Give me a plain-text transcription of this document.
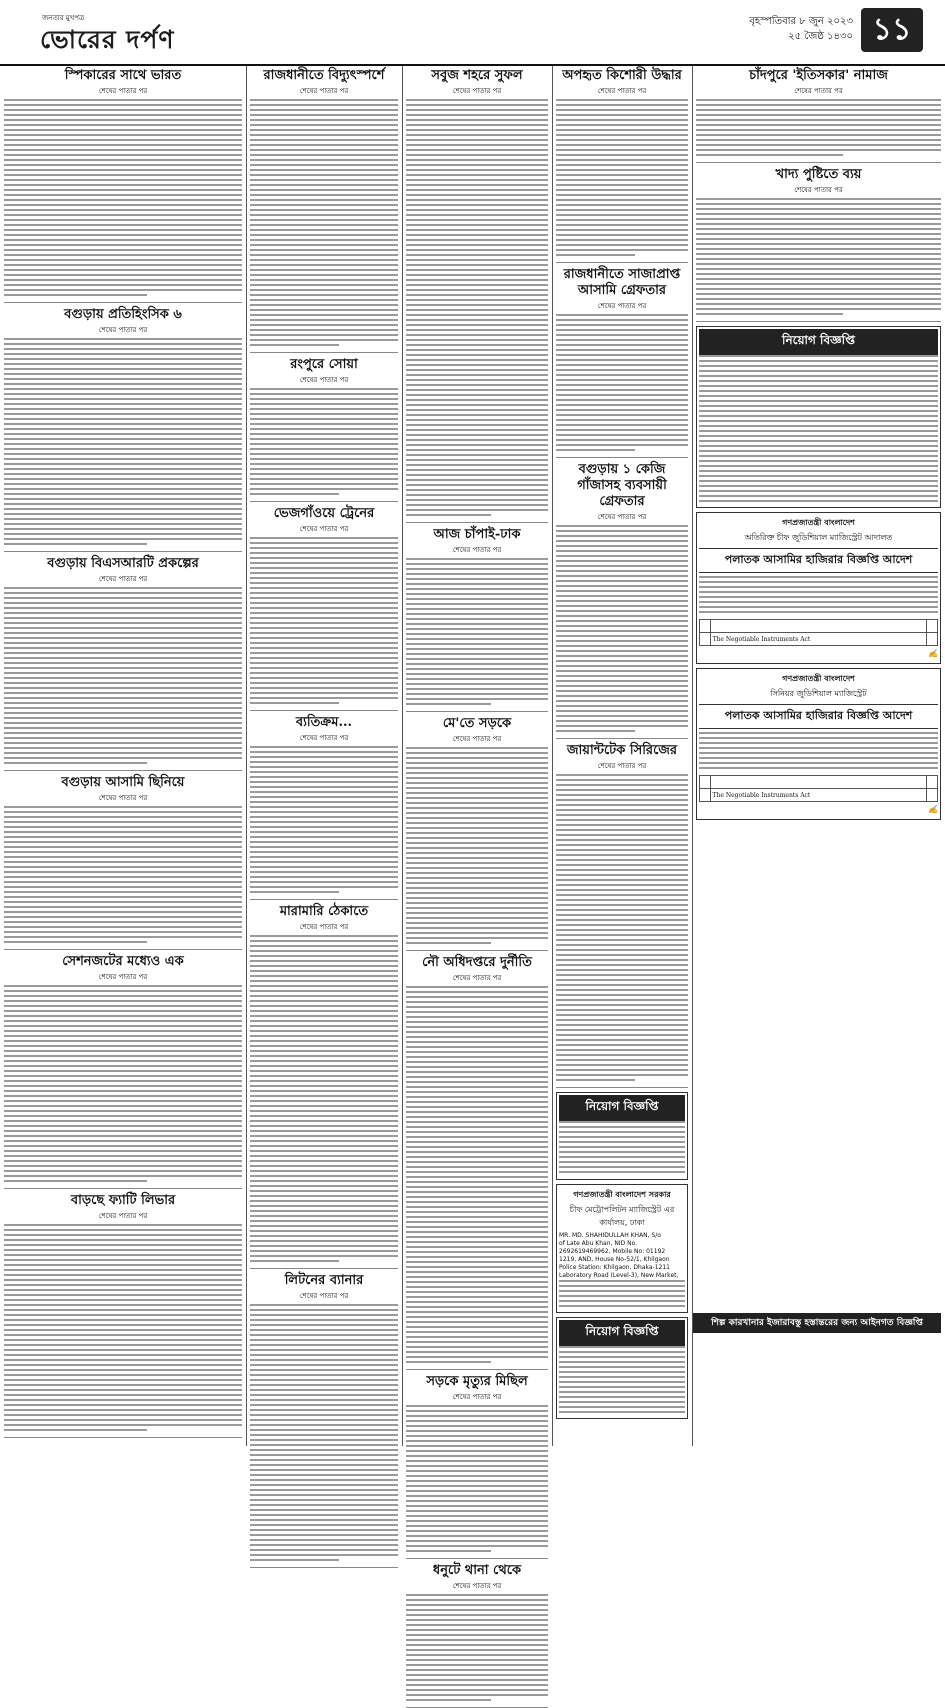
জনতার মুখপত্র
ভোরের দর্পণ
বৃহস্পতিবার ৮ জুন ২০২৩
২৫ জৈষ্ঠ ১৪৩০ ১১
স্পিকারের সাথে ভারত
শেষের পাতার পর
বগুড়ায় প্রতিহিংসিক ৬
শেষের পাতার পর
বগুড়ায় বিএসআরটি প্রকল্পের
শেষের পাতার পর
বগুড়ায় আসামি ছিনিয়ে
শেষের পাতার পর
সেশনজটের মধ্যেও এক
শেষের পাতার পর
বাড়ছে ফ্যাটি লিভার
শেষের পাতার পর
রাজধানীতে বিদ্যুৎস্পর্শে
শেষের পাতার পর
রংপুরে সোয়া
শেষের পাতার পর
ভেজগাঁওয়ে ট্রেনের
শেষের পাতার পর
ব্যতিক্রম...
শেষের পাতার পর
মারামারি ঠেকাতে
শেষের পাতার পর
লিটনের ব্যানার
শেষের পাতার পর
সবুজ শহরে সুফল
শেষের পাতার পর
আজ চাঁপাই-ঢাক
শেষের পাতার পর
মে'তে সড়কে
শেষের পাতার পর
নৌ অধিদপ্তরে দুর্নীতি
শেষের পাতার পর
সড়কে মৃত্যুর মিছিল
শেষের পাতার পর
ধনুটে থানা থেকে
শেষের পাতার পর
অপহৃত কিশোরী উদ্ধার
শেষের পাতার পর
রাজধানীতে সাজাপ্রাপ্ত আসামি গ্রেফতার
শেষের পাতার পর
বগুড়ায় ১ কেজি গাঁজাসহ ব্যবসায়ী গ্রেফতার
শেষের পাতার পর
জায়ান্টটেক সিরিজের
শেষের পাতার পর
নিয়োগ বিজ্ঞপ্তি
গণপ্রজাতন্ত্রী বাংলাদেশ সরকার
চীফ মেট্রোপলিটন ম্যাজিস্ট্রেট এর কার্যালয়, ঢাকা
MR. MD. SHAHIDULLAH KHAN, S/o
of Late Abu Khan, NID No.
2692619469962, Mobile No: 01192
1219, AND, House No-52/1, Khilgaon
Police Station: Khilgaon, Dhaka-1211
Laboratory Road (Level-3), New Market,
নিয়োগ বিজ্ঞপ্তি
চাঁদপুরে 'ইতিসকার' নামাজ
শেষের পাতার পর
খাদ্য পুষ্টিতে ব্যয়
শেষের পাতার পর
নিয়োগ বিজ্ঞপ্তি
গণপ্রজাতন্ত্রী বাংলাদেশ
অতিরিক্ত চীফ জুডিশিয়াল ম্যাজিস্ট্রেট আদালত
পলাতক আসামির হাজিরার বিজ্ঞপ্তি আদেশ

	The Negotiable Instruments Act	
✍
গণপ্রজাতন্ত্রী বাংলাদেশ
সিনিয়র জুডিশিয়াল ম্যাজিস্ট্রেট
পলাতক আসামির হাজিরার বিজ্ঞপ্তি আদেশ

	The Negotiable Instruments Act	
✍
শিল্প কারখানার ইজারাবস্তু হস্তান্তরের জন্য আইনগত বিজ্ঞপ্তি
